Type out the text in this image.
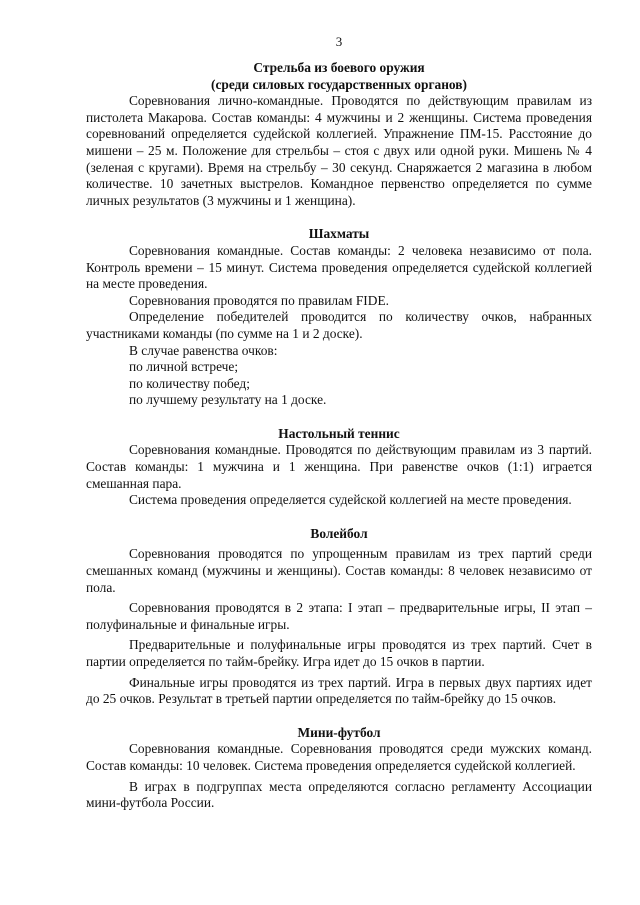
3
Стрельба из боевого оружия
(среди силовых государственных органов)

Соревнования лично-командные. Проводятся по действующим правилам из пистолета Макарова. Состав команды: 4 мужчины и 2 женщины. Система проведения соревнований определяется судейской коллегией. Упражнение ПМ-15. Расстояние до мишени – 25 м. Положение для стрельбы – стоя с двух или одной руки. Мишень № 4 (зеленая с кругами). Время на стрельбу – 30 секунд. Снаряжается 2 магазина в любом количестве. 10 зачетных выстрелов. Командное первенство определяется по сумме личных результатов (3 мужчины и 1 женщина).

Шахматы

Соревнования командные. Состав команды: 2 человека независимо от пола. Контроль времени – 15 минут. Система проведения определяется судейской коллегией на месте проведения.

Соревнования проводятся по правилам FIDE.

Определение победителей проводится по количеству очков, набранных участниками команды (по сумме на 1 и 2 доске).

В случае равенства очков:

по личной встрече;

по количеству побед;

по лучшему результату на 1 доске.

Настольный теннис

Соревнования командные. Проводятся по действующим правилам из 3 партий. Состав команды: 1 мужчина и 1 женщина. При равенстве очков (1:1) играется смешанная пара.

Система проведения определяется судейской коллегией на месте проведения.

Волейбол

Соревнования проводятся по упрощенным правилам из трех партий среди смешанных команд (мужчины и женщины). Состав команды: 8 человек независимо от пола.

Соревнования проводятся в 2 этапа: I этап – предварительные игры, II этап – полуфинальные и финальные игры.

Предварительные и полуфинальные игры проводятся из трех партий. Счет в партии определяется по тайм-брейку. Игра идет до 15 очков в партии.

Финальные игры проводятся из трех партий. Игра в первых двух партиях идет до 25 очков. Результат в третьей партии определяется по тайм-брейку до 15 очков.

Мини-футбол

Соревнования командные. Соревнования проводятся среди мужских команд. Состав команды: 10 человек. Система проведения определяется судейской коллегией.

В играх в подгруппах места определяются согласно регламенту Ассоциации мини-футбола России.
